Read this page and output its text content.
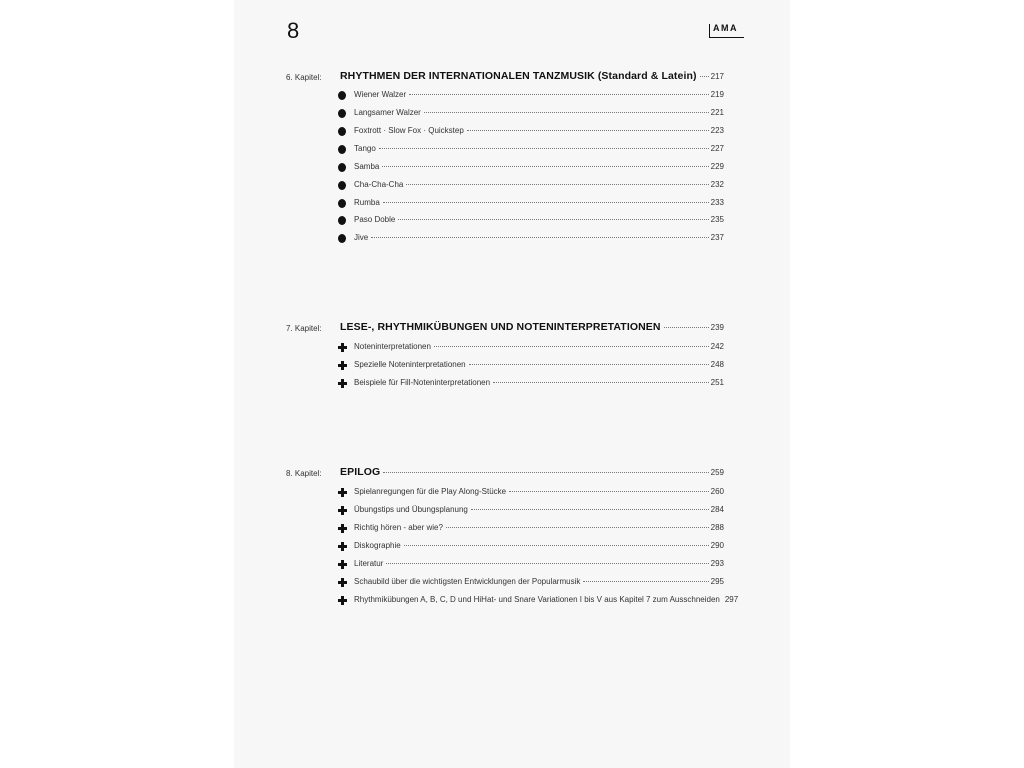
8	AMA
6. Kapitel: RHYTHMEN DER INTERNATIONALEN TANZMUSIK (Standard & Latein) 217
Wiener Walzer	219
Langsamer Walzer	221
Foxtrott · Slow Fox · Quickstep	223
Tango	227
Samba	229
Cha-Cha-Cha	232
Rumba	233
Paso Doble	235
Jive	237
7. Kapitel: LESE-, RHYTHMIKÜBUNGEN UND NOTENINTERPRETATIONEN	239
Noteninterpretationen	242
Spezielle Noteninterpretationen	248
Beispiele für Fill-Noteninterpretationen	251
8. Kapitel: EPILOG	259
Spielanregungen für die Play Along-Stücke	260
Übungstips und Übungsplanung	284
Richtig hören - aber wie?	288
Diskographie	290
Literatur	293
Schaubild über die wichtigsten Entwicklungen der Popularmusik	295
Rhythmikübungen A, B, C, D und HiHat- und Snare Variationen I bis V aus Kapitel 7 zum Ausschneiden 297
